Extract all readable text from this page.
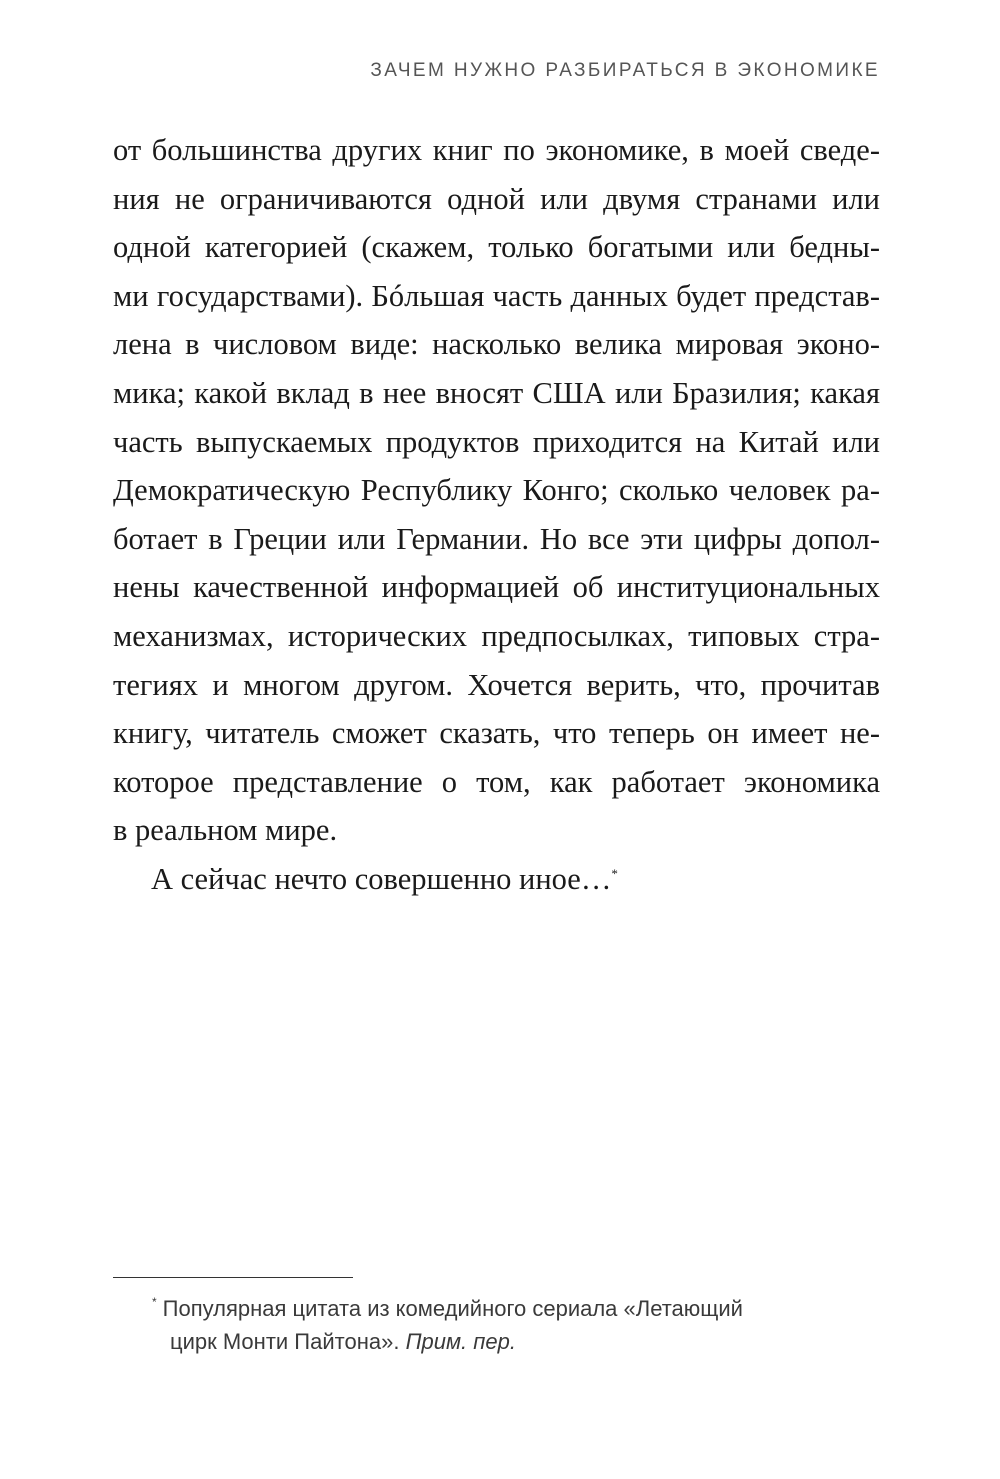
ЗАЧЕМ НУЖНО РАЗБИРАТЬСЯ В ЭКОНОМИКЕ
от большинства других книг по экономике, в моей сведе-
ния не ограничиваются одной или двумя странами или
одной категорией (скажем, только богатыми или бедны-
ми государствами). Бóльшая часть данных будет представ-
лена в числовом виде: насколько велика мировая эконо-
мика; какой вклад в нее вносят США или Бразилия; какая
часть выпускаемых продуктов приходится на Китай или
Демократическую Республику Конго; сколько человек ра-
ботает в Греции или Германии. Но все эти цифры допол-
нены качественной информацией об институциональных
механизмах, исторических предпосылках, типовых стра-
тегиях и многом другом. Хочется верить, что, прочитав
книгу, читатель сможет сказать, что теперь он имеет не-
которое представление о том, как работает экономика
в реальном мире.
А сейчас нечто совершенно иное…*
* Популярная цитата из комедийного сериала «Летающий
цирк Монти Пайтона». Прим. пер.
